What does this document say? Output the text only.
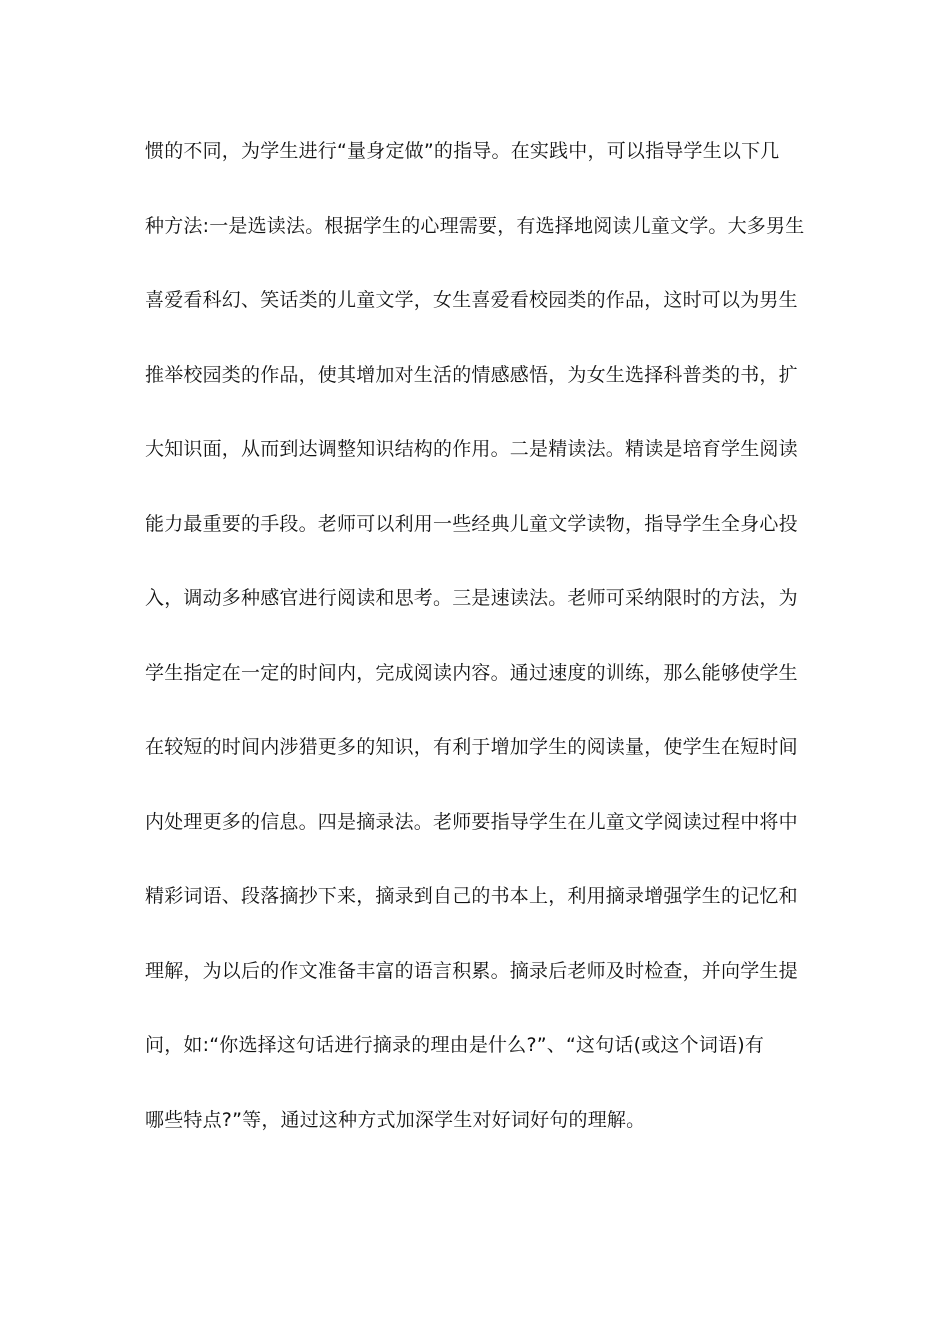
惯的不同，为学生进行“量身定做”的指导。在实践中，可以指导学生以下几
种方法:一是选读法。根据学生的心理需要，有选择地阅读儿童文学。大多男生
喜爱看科幻、笑话类的儿童文学，女生喜爱看校园类的作品，这时可以为男生
推举校园类的作品，使其增加对生活的情感感悟，为女生选择科普类的书，扩
大知识面，从而到达调整知识结构的作用。二是精读法。精读是培育学生阅读
能力最重要的手段。老师可以利用一些经典儿童文学读物，指导学生全身心投
入，调动多种感官进行阅读和思考。三是速读法。老师可采纳限时的方法，为
学生指定在一定的时间内，完成阅读内容。通过速度的训练，那么能够使学生
在较短的时间内涉猎更多的知识，有利于增加学生的阅读量，使学生在短时间
内处理更多的信息。四是摘录法。老师要指导学生在儿童文学阅读过程中将中
精彩词语、段落摘抄下来，摘录到自己的书本上，利用摘录增强学生的记忆和
理解，为以后的作文准备丰富的语言积累。摘录后老师及时检查，并向学生提
问，如:“你选择这句话进行摘录的理由是什么?”、“这句话(或这个词语)有
哪些特点?”等，通过这种方式加深学生对好词好句的理解。
